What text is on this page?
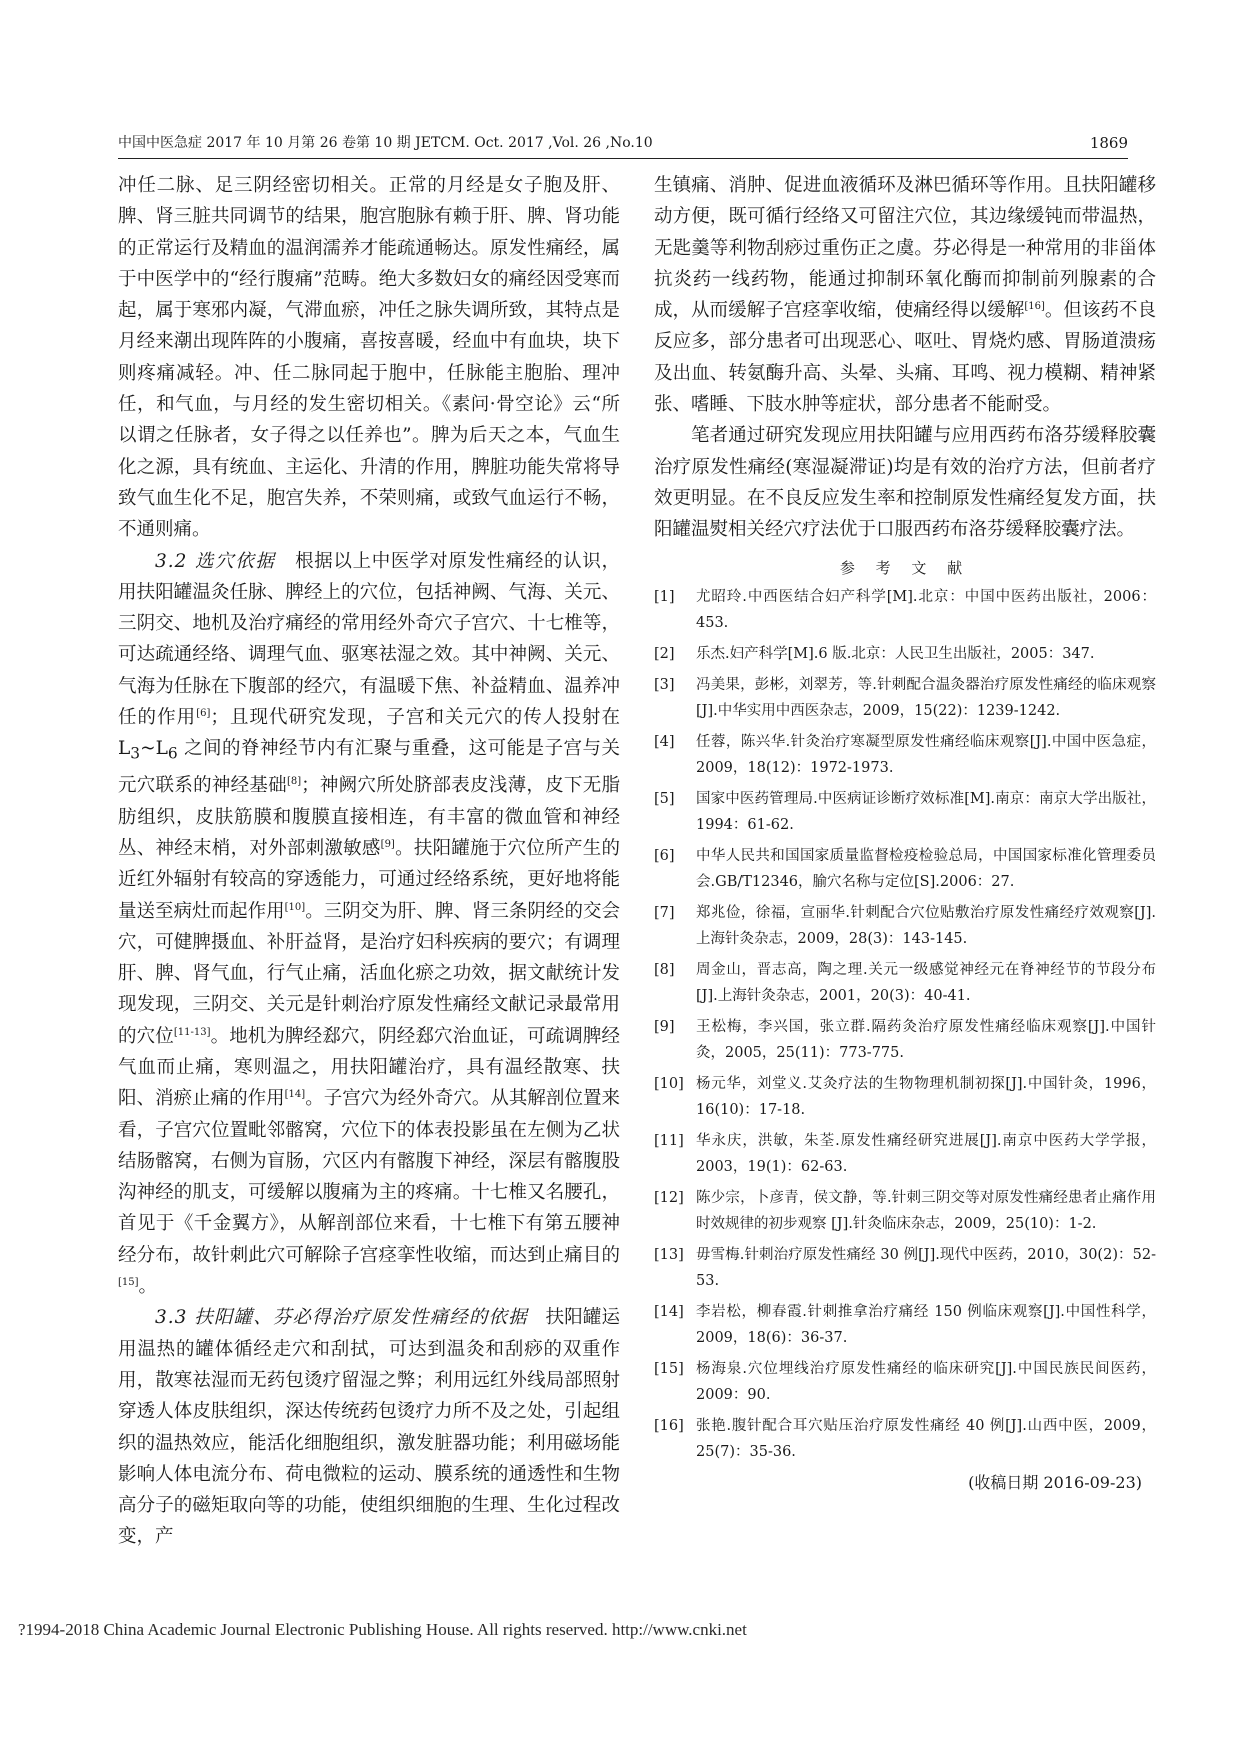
中国中医急症 2017 年 10 月第 26 卷第 10 期 JETCM. Oct. 2017 ,Vol. 26 ,No.10	1869

冲任二脉、足三阴经密切相关。正常的月经是女子胞及肝、脾、肾三脏共同调节的结果，胞宫胞脉有赖于肝、脾、肾功能的正常运行及精血的温润濡养才能疏通畅达。原发性痛经，属于中医学中的“经行腹痛”范畴。绝大多数妇女的痛经因受寒而起，属于寒邪内凝，气滞血瘀，冲任之脉失调所致，其特点是月经来潮出现阵阵的小腹痛，喜按喜暖，经血中有血块，块下则疼痛减轻。冲、任二脉同起于胞中，任脉能主胞胎、理冲任，和气血，与月经的发生密切相关。《素问·骨空论》云“所以谓之任脉者，女子得之以任养也”。脾为后天之本，气血生化之源，具有统血、主运化、升清的作用，脾脏功能失常将导致气血生化不足，胞宫失养，不荣则痛，或致气血运行不畅，不通则痛。

3.2 选穴依据 根据以上中医学对原发性痛经的认识，用扶阳罐温灸任脉、脾经上的穴位，包括神阙、气海、关元、三阴交、地机及治疗痛经的常用经外奇穴子宫穴、十七椎等，可达疏通经络、调理气血、驱寒祛湿之效。其中神阙、关元、气海为任脉在下腹部的经穴，有温暖下焦、补益精血、温养冲任的作用[6]；且现代研究发现，子宫和关元穴的传人投射在 $L_3\sim L_6$ 之间的脊神经节内有汇聚与重叠，这可能是子宫与关元穴联系的神经基础[8]；神阙穴所处脐部表皮浅薄，皮下无脂肪组织，皮肤筋膜和腹膜直接相连，有丰富的微血管和神经丛、神经末梢，对外部刺激敏感[9]。扶阳罐施于穴位所产生的近红外辐射有较高的穿透能力，可通过经络系统，更好地将能量送至病灶而起作用[10]。三阴交为肝、脾、肾三条阴经的交会穴，可健脾摄血、补肝益肾，是治疗妇科疾病的要穴；有调理肝、脾、肾气血，行气止痛，活血化瘀之功效，据文献统计发现发现，三阴交、关元是针刺治疗原发性痛经文献记录最常用的穴位[11-13]。地机为脾经郄穴，阴经郄穴治血证，可疏调脾经气血而止痛，寒则温之，用扶阳罐治疗，具有温经散寒、扶阳、消瘀止痛的作用[14]。子宫穴为经外奇穴。从其解剖位置来看，子宫穴位置毗邻髂窝，穴位下的体表投影虽在左侧为乙状结肠髂窝，右侧为盲肠，穴区内有髂腹下神经，深层有髂腹股沟神经的肌支，可缓解以腹痛为主的疼痛。十七椎又名腰孔，首见于《千金翼方》，从解剖部位来看，十七椎下有第五腰神经分布，故针刺此穴可解除子宫痉挛性收缩，而达到止痛目的[15]。

3.3 扶阳罐、芬必得治疗原发性痛经的依据 扶阳罐运用温热的罐体循经走穴和刮拭，可达到温灸和刮痧的双重作用，散寒祛湿而无药包烫疗留湿之弊；利用远红外线局部照射穿透人体皮肤组织，深达传统药包烫疗力所不及之处，引起组织的温热效应，能活化细胞组织，激发脏器功能；利用磁场能影响人体电流分布、荷电微粒的运动、膜系统的通透性和生物高分子的磁矩取向等的功能，使组织细胞的生理、生化过程改变，产

生镇痛、消肿、促进血液循环及淋巴循环等作用。且扶阳罐移动方便，既可循行经络又可留注穴位，其边缘缓钝而带温热，无匙羹等利物刮痧过重伤正之虞。芬必得是一种常用的非甾体抗炎药一线药物，能通过抑制环氧化酶而抑制前列腺素的合成，从而缓解子宫痉挛收缩，使痛经得以缓解[16]。但该药不良反应多，部分患者可出现恶心、呕吐、胃烧灼感、胃肠道溃疡及出血、转氨酶升高、头晕、头痛、耳鸣、视力模糊、精神紧张、嗜睡、下肢水肿等症状，部分患者不能耐受。

笔者通过研究发现应用扶阳罐与应用西药布洛芬缓释胶囊治疗原发性痛经(寒湿凝滞证)均是有效的治疗方法，但前者疗效更明显。在不良反应发生率和控制原发性痛经复发方面，扶阳罐温熨相关经穴疗法优于口服西药布洛芬缓释胶囊疗法。

参 考 文 献
[1] 尤昭玲.中西医结合妇产科学[M].北京：中国中医药出版社，2006：453.
[2] 乐杰.妇产科学[M].6 版.北京：人民卫生出版社，2005：347.
[3] 冯美果，彭彬，刘翠芳，等.针刺配合温灸器治疗原发性痛经的临床观察[J].中华实用中西医杂志，2009，15(22)：1239-1242.
[4] 任蓉，陈兴华.针灸治疗寒凝型原发性痛经临床观察[J].中国中医急症，2009，18(12)：1972-1973.
[5] 国家中医药管理局.中医病证诊断疗效标准[M].南京：南京大学出版社，1994：61-62.
[6] 中华人民共和国国家质量监督检疫检验总局，中国国家标准化管理委员会.GB/T12346，腧穴名称与定位[S].2006：27.
[7] 郑兆俭，徐福，宣丽华.针刺配合穴位贴敷治疗原发性痛经疗效观察[J].上海针灸杂志，2009，28(3)：143-145.
[8] 周金山，晋志高，陶之理.关元一级感觉神经元在脊神经节的节段分布[J].上海针灸杂志，2001，20(3)：40-41.
[9] 王松梅，李兴国，张立群.隔药灸治疗原发性痛经临床观察[J].中国针灸，2005，25(11)：773-775.
[10] 杨元华，刘堂义.艾灸疗法的生物物理机制初探[J].中国针灸，1996，16(10)：17-18.
[11] 华永庆，洪敏，朱荃.原发性痛经研究进展[J].南京中医药大学学报，2003，19(1)：62-63.
[12] 陈少宗，卜彦青，侯文静，等.针刺三阴交等对原发性痛经患者止痛作用时效规律的初步观察 [J].针灸临床杂志，2009，25(10)：1-2.
[13] 毋雪梅.针刺治疗原发性痛经 30 例[J].现代中医药，2010，30(2)：52-53.
[14] 李岩松，柳春霞.针刺推拿治疗痛经 150 例临床观察[J].中国性科学，2009，18(6)：36-37.
[15] 杨海泉.穴位埋线治疗原发性痛经的临床研究[J].中国民族民间医药，2009：90.
[16] 张艳.腹针配合耳穴贴压治疗原发性痛经 40 例[J].山西中医，2009，25(7)：35-36.
(收稿日期 2016-09-23)
?1994-2018 China Academic Journal Electronic Publishing House. All rights reserved. http://www.cnki.net
